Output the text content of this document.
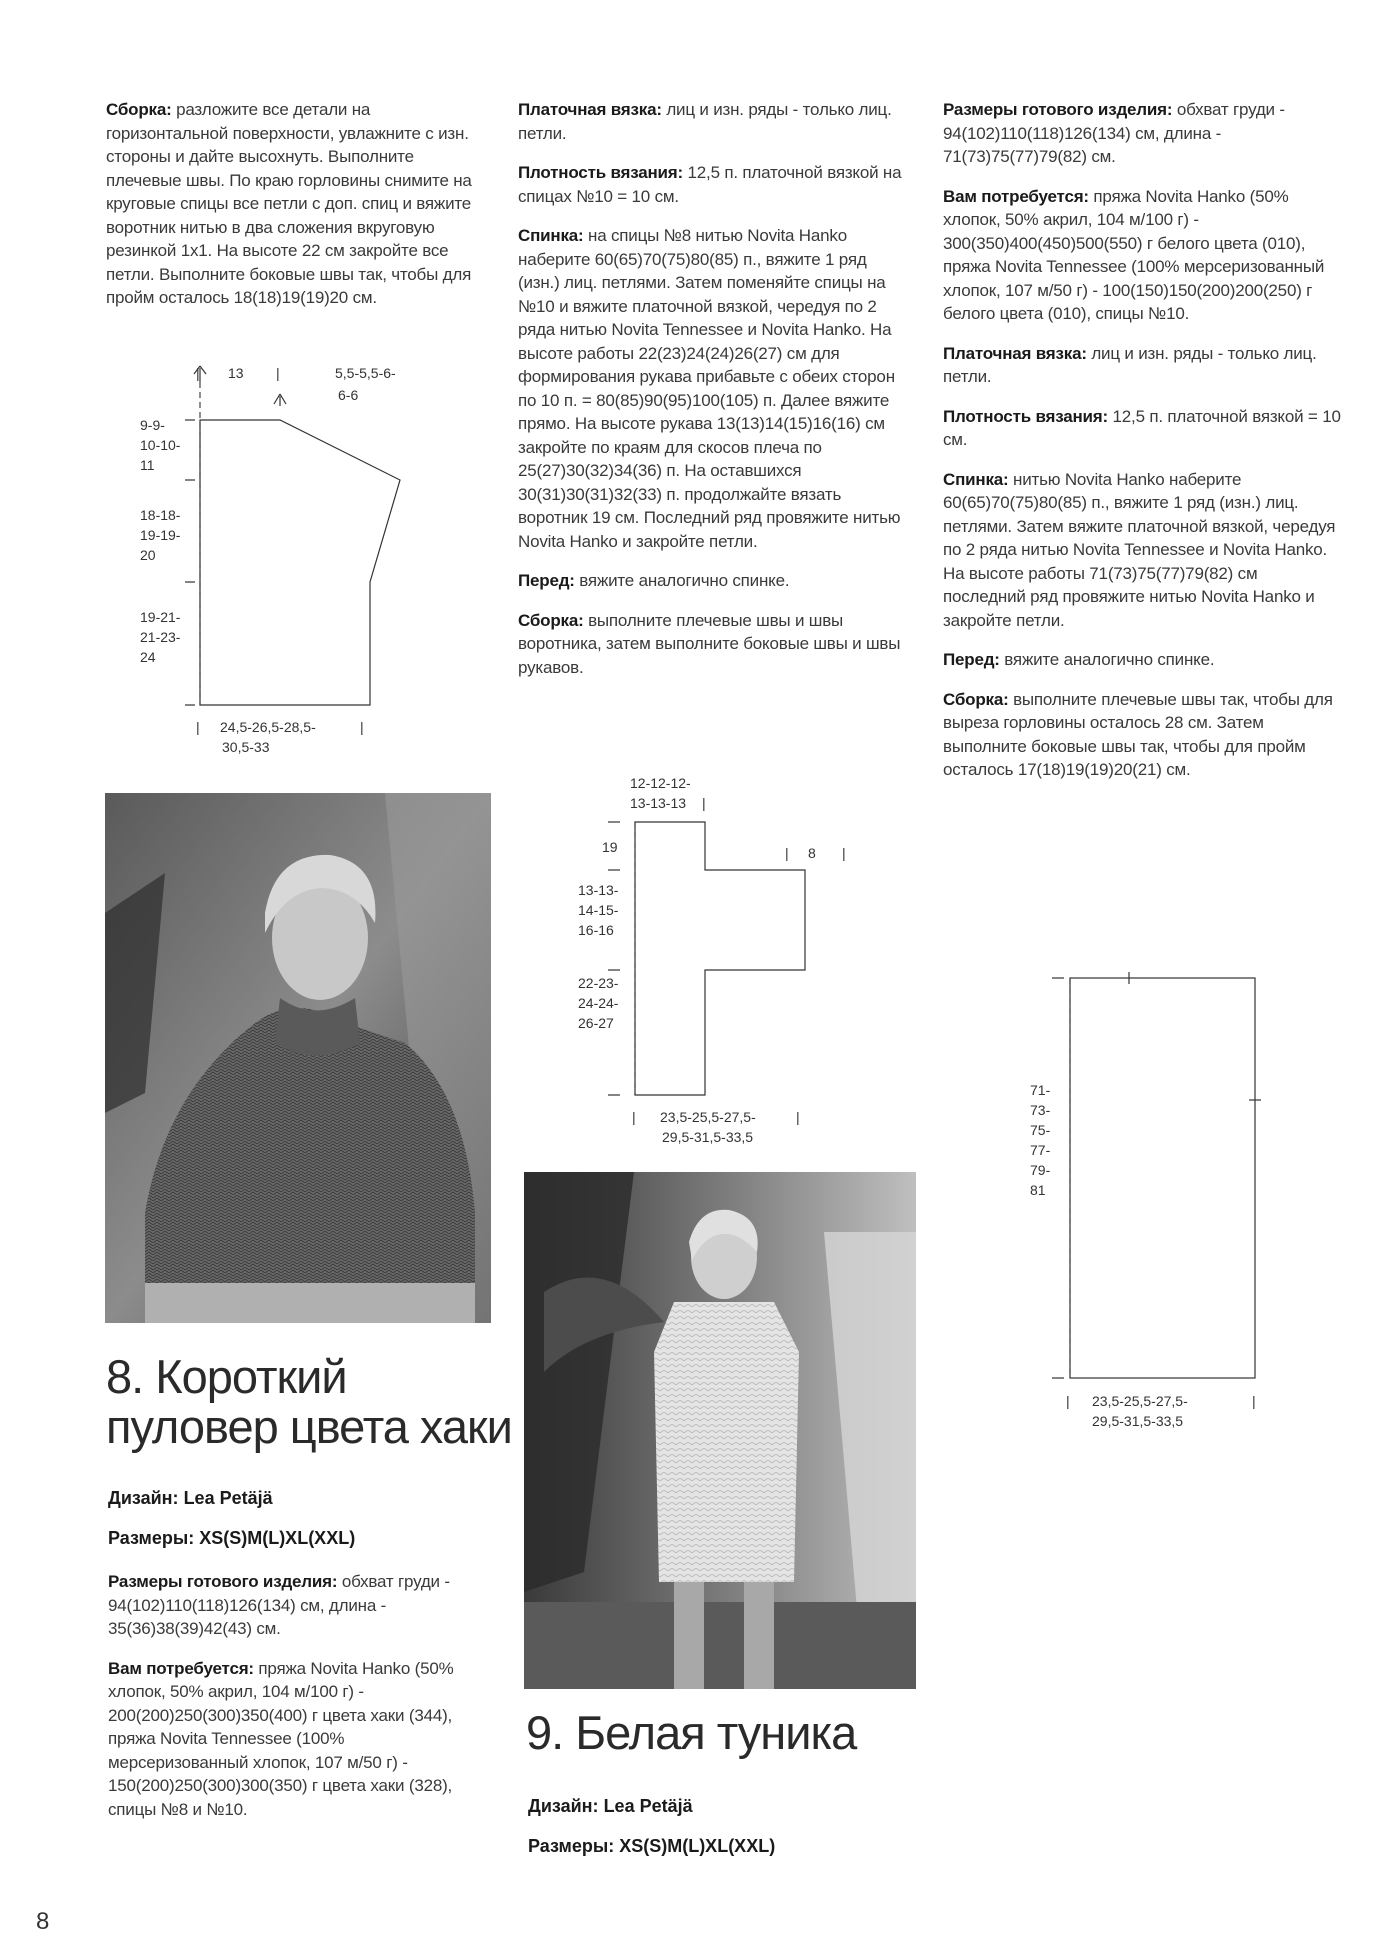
Сборка: разложите все детали на горизонтальной поверхности, увлажните с изн. стороны и дайте высохнуть. Выполните плечевые швы. По краю горловины снимите на круговые спицы все петли с доп. спиц и вяжите воротник нитью в два сложения вкруговую резинкой 1х1. На высоте 22 см закройте все петли. Выполните боковые швы так, чтобы для пройм осталось 18(18)19(19)20 см.

| 13 |	5,5-5,5-6-
6-6
9-9-
10-10-
11
18-18-
19-19-
20
19-21-
21-23-
24
| 24,5-26,5-28,5-
30,5-33
|
8. Короткий
пуловер цвета хаки

Дизайн: Lea Petäjä

Размеры: XS(S)M(L)XL(XXL)

Размеры готового изделия: обхват груди - 94(102)110(118)126(134) см, длина - 35(36)38(39)42(43) см.

Вам потребуется: пряжа Novita Hanko (50% хлопок, 50% акрил, 104 м/100 г) - 200(200)250(300)350(400) г цвета хаки (344), пряжа Novita Tennessee (100% мерсеризованный хлопок, 107 м/50 г) - 150(200)250(300)300(350) г цвета хаки (328), спицы №8 и №10.

Платочная вязка: лиц и изн. ряды - только лиц. петли.

Плотность вязания: 12,5 п. платочной вязкой на спицах №10 = 10 см.

Спинка: на спицы №8 нитью Novita Hanko наберите 60(65)70(75)80(85) п., вяжите 1 ряд (изн.) лиц. петлями. Затем поменяйте спицы на №10 и вяжите платочной вязкой, чередуя по 2 ряда нитью Novita Tennessee и Novita Hanko. На высоте работы 22(23)24(24)26(27) см для формирования рукава прибавьте с обеих сторон по 10 п. = 80(85)90(95)100(105) п. Далее вяжите прямо. На высоте рукава 13(13)14(15)16(16) см закройте по краям для скосов плеча по 25(27)30(32)34(36) п. На оставшихся 30(31)30(31)32(33) п. продолжайте вязать воротник 19 см. Последний ряд провяжите нитью Novita Hanko и закройте петли.

Перед: вяжите аналогично спинке.

Сборка: выполните плечевые швы и швы воротника, затем выполните боковые швы и швы рукавов.

12-12-12-
13-13-13 |
| 8 |
19
13-13-
14-15-
16-16
22-23-
24-24-
26-27
| 23,5-25,5-27,5-
29,5-31,5-33,5
|
9. Белая туника

Дизайн: Lea Petäjä

Размеры: XS(S)M(L)XL(XXL)

Размеры готового изделия: обхват груди - 94(102)110(118)126(134) см, длина - 71(73)75(77)79(82) см.

Вам потребуется: пряжа Novita Hanko (50% хлопок, 50% акрил, 104 м/100 г) - 300(350)400(450)500(550) г белого цвета (010), пряжа Novita Tennessee (100% мерсеризованный хлопок, 107 м/50 г) - 100(150)150(200)200(250) г белого цвета (010), спицы №10.

Платочная вязка: лиц и изн. ряды - только лиц. петли.

Плотность вязания: 12,5 п. платочной вязкой = 10 см.

Спинка: нитью Novita Hanko наберите 60(65)70(75)80(85) п., вяжите 1 ряд (изн.) лиц. петлями. Затем вяжите платочной вязкой, чередуя по 2 ряда нитью Novita Tennessee и Novita Hanko. На высоте работы 71(73)75(77)79(82) см последний ряд провяжите нитью Novita Hanko и закройте петли.

Перед: вяжите аналогично спинке.

Сборка: выполните плечевые швы так, чтобы для выреза горловины осталось 28 см. Затем выполните боковые швы так, чтобы для пройм осталось 17(18)19(19)20(21) см.

71-
73-
75-
77-
79-
81
| 23,5-25,5-27,5-
29,5-31,5-33,5
|

8
